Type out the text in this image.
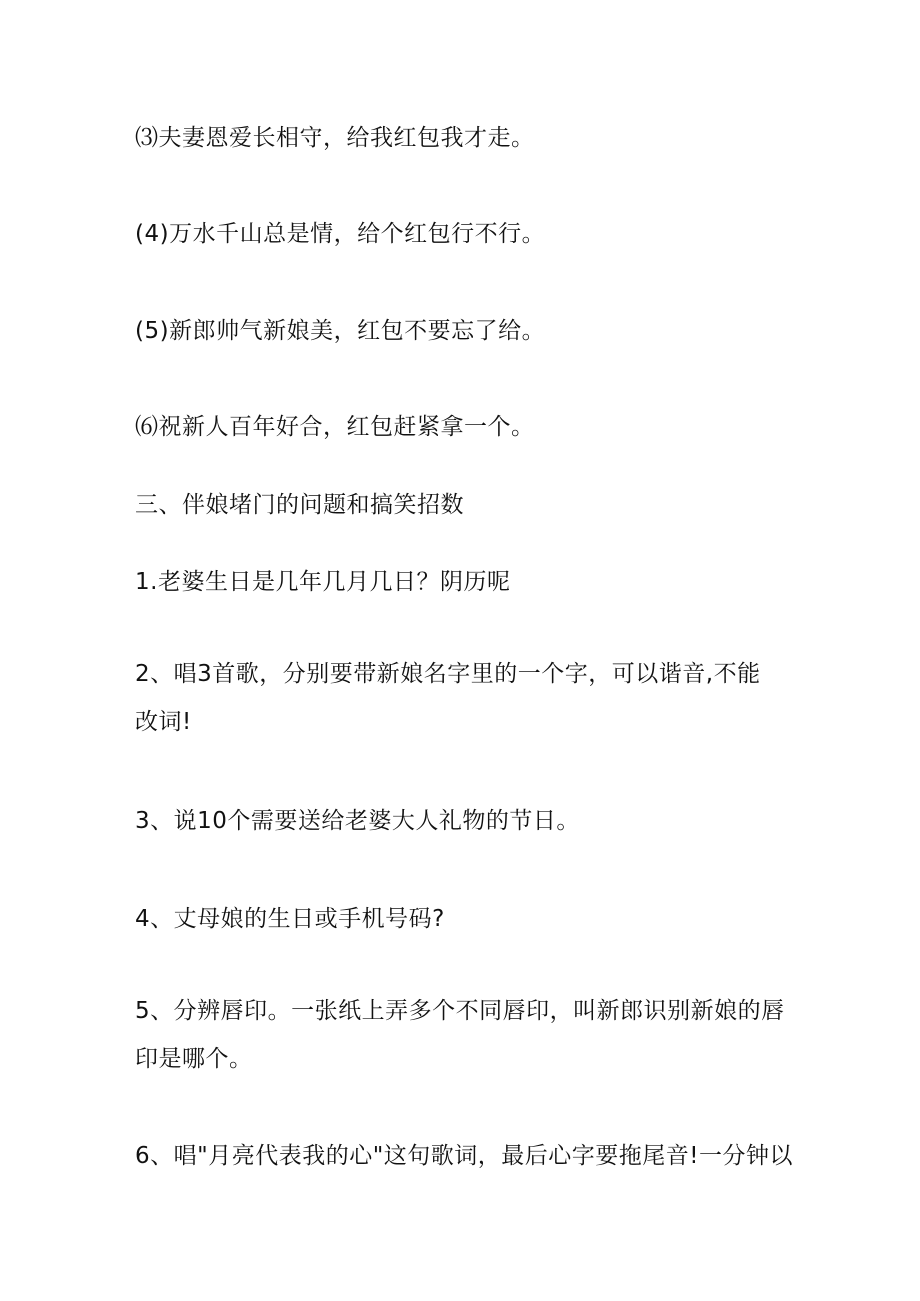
⑶夫妻恩爱长相守，给我红包我才走。
(4)万水千山总是情，给个红包行不行。
(5)新郎帅气新娘美，红包不要忘了给。
⑹祝新人百年好合，红包赶紧拿一个。
三、伴娘堵门的问题和搞笑招数
1.老婆生日是几年几月几日？阴历呢
2、唱3首歌，分别要带新娘名字里的一个字，可以谐音,不能
改词!
3、说10个需要送给老婆大人礼物的节日。
4、丈母娘的生日或手机号码?
5、分辨唇印。一张纸上弄多个不同唇印，叫新郎识别新娘的唇
印是哪个。
6、唱"月亮代表我的心"这句歌词，最后心字要拖尾音!一分钟以
